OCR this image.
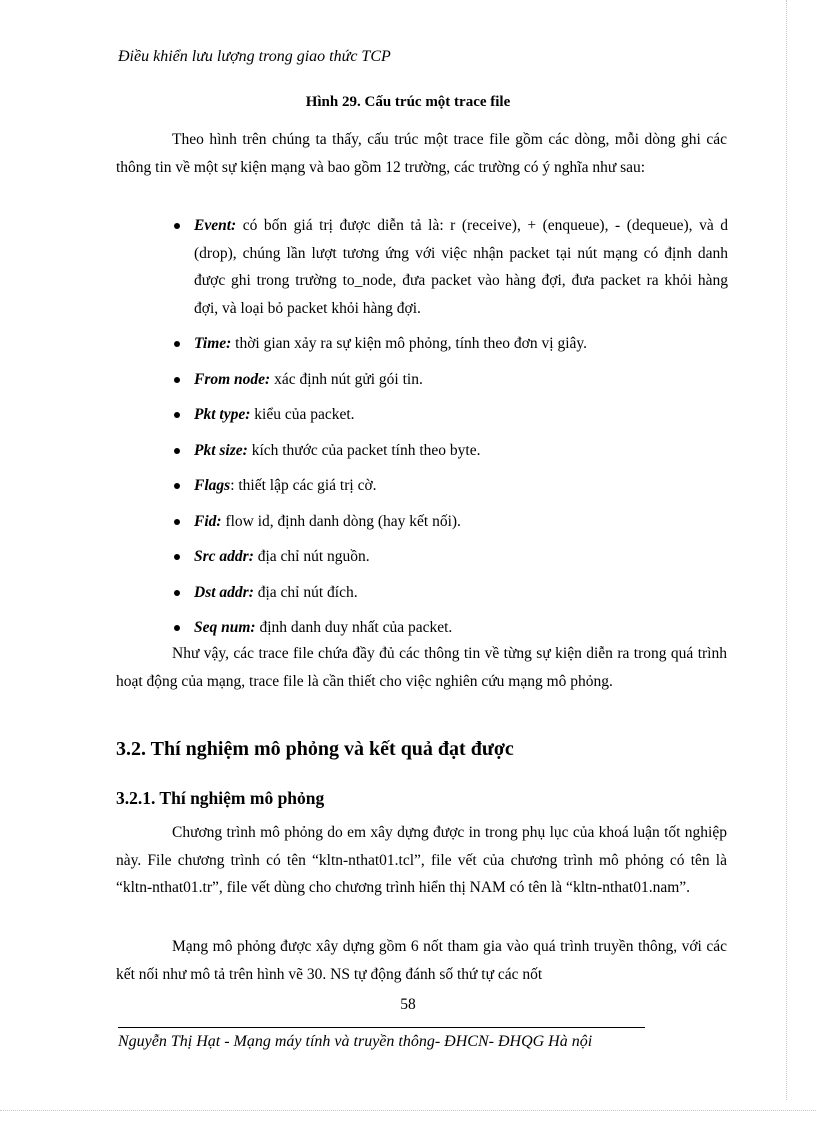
Điều khiển lưu lượng trong giao thức TCP
Hình 29. Cấu trúc một trace file
Theo hình trên chúng ta thấy, cấu trúc một trace file gồm các dòng, mỗi dòng ghi các thông tin về một sự kiện mạng và bao gồm 12 trường, các trường có ý nghĩa như sau:
Event: có bốn giá trị được diễn tả là: r (receive), + (enqueue), - (dequeue), và d (drop), chúng lần lượt tương ứng với việc nhận packet tại nút mạng có định danh được ghi trong trường to_node, đưa packet vào hàng đợi, đưa packet ra khỏi hàng đợi, và loại bỏ packet khỏi hàng đợi.
Time: thời gian xảy ra sự kiện mô phỏng, tính theo đơn vị giây.
From node: xác định nút gửi gói tin.
Pkt type: kiểu của packet.
Pkt size: kích thước của packet tính theo byte.
Flags: thiết lập các giá trị cờ.
Fid: flow id, định danh dòng (hay kết nối).
Src addr: địa chỉ nút nguồn.
Dst addr: địa chỉ nút đích.
Seq num: định danh duy nhất của packet.
Như vậy, các trace file chứa đầy đủ các thông tin về từng sự kiện diễn ra trong quá trình hoạt động của mạng, trace file là cần thiết cho việc nghiên cứu mạng mô phỏng.
3.2. Thí nghiệm mô phỏng và kết quả đạt được
3.2.1. Thí nghiệm mô phỏng
Chương trình mô phỏng do em xây dựng được in trong phụ lục của khoá luận tốt nghiệp này. File chương trình có tên “kltn-nthat01.tcl”, file vết của chương trình mô phỏng có tên là “kltn-nthat01.tr”, file vết dùng cho chương trình hiển thị NAM có tên là “kltn-nthat01.nam”.
Mạng mô phỏng được xây dựng gồm 6 nốt tham gia vào quá trình truyền thông, với các kết nối như mô tả trên hình vẽ 30. NS tự động đánh số thứ tự các nốt
58
Nguyễn Thị Hạt - Mạng máy tính và truyền thông- ĐHCN- ĐHQG Hà nội
